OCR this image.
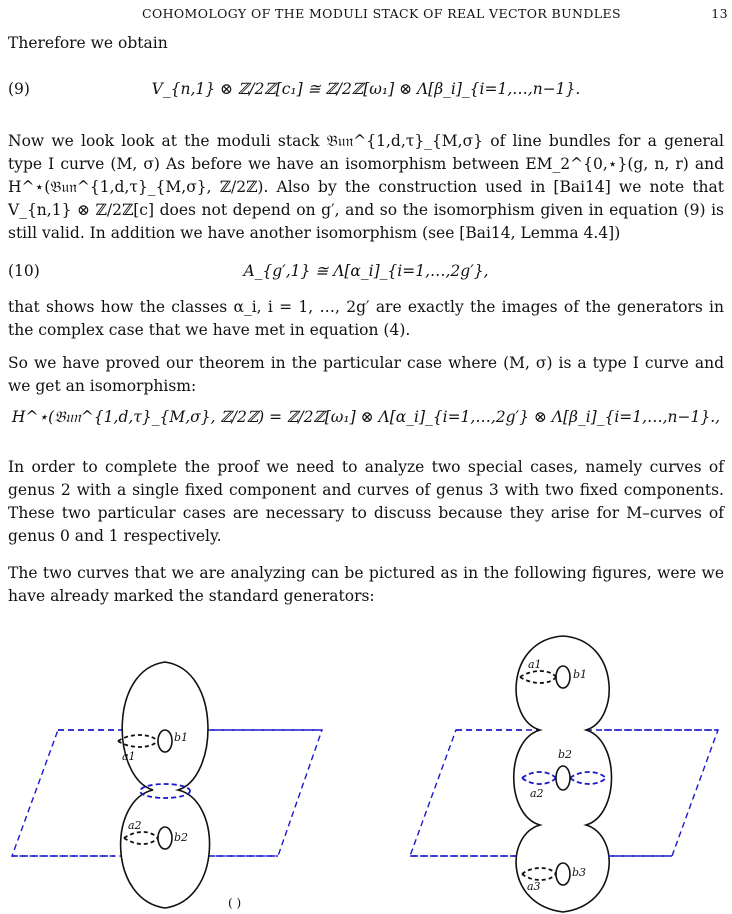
COHOMOLOGY OF THE MODULI STACK OF REAL VECTOR BUNDLES	13

Therefore we obtain

(9)	V_{n,1} ⊗ ℤ/2ℤ[c₁] ≅ ℤ/2ℤ[ω₁] ⊗ Λ[β_i]_{i=1,…,n−1}.

Now we look look at the moduli stack 𝔅𝔲𝔫^{1,d,τ}_{M,σ} of line bundles for a general type I curve (M, σ) As before we have an isomorphism between EM_2^{0,⋆}(g, n, r) and H^⋆(𝔅𝔲𝔫^{1,d,τ}_{M,σ}, ℤ/2ℤ). Also by the construction used in [Bai14] we note that V_{n,1} ⊗ ℤ/2ℤ[c] does not depend on g′, and so the isomorphism given in equation (9) is still valid. In addition we have another isomorphism (see [Bai14, Lemma 4.4])

(10)	A_{g′,1} ≅ Λ[α_i]_{i=1,…,2g′},

that shows how the classes α_i, i = 1, …, 2g′ are exactly the images of the generators in the complex case that we have met in equation (4).

So we have proved our theorem in the particular case where (M, σ) is a type I curve and we get an isomorphism:

H^⋆(𝔅𝔲𝔫^{1,d,τ}_{M,σ}, ℤ/2ℤ) = ℤ/2ℤ[ω₁] ⊗ Λ[α_i]_{i=1,…,2g′} ⊗ Λ[β_i]_{i=1,…,n−1}.,

In order to complete the proof we need to analyze two special cases, namely curves of genus 2 with a single fixed component and curves of genus 3 with two fixed components. These two particular cases are necessary to discuss because they arise for M–curves of genus 0 and 1 respectively.

The two curves that we are analyzing can be pictured as in the following figures, were we have already marked the standard generators:

a1
b1
a2
b2
a1
b1
b2
a2
b3
a3
( )
